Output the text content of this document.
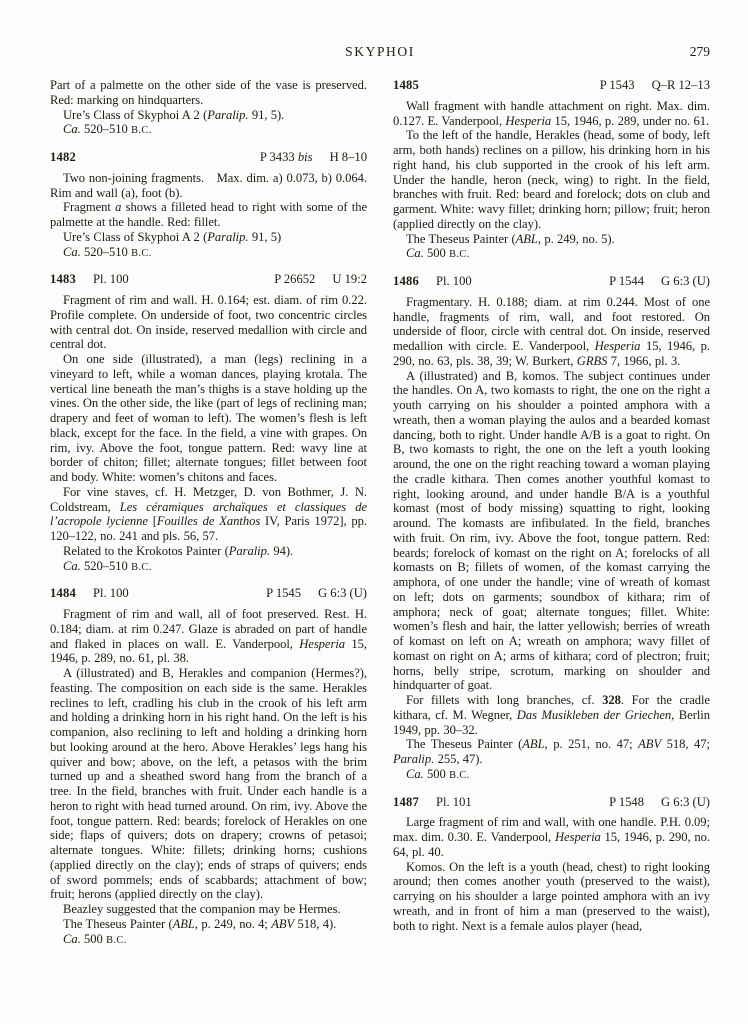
SKYPHOI	279

Part of a palmette on the other side of the vase is preserved. Red: marking on hindquarters.

Ure’s Class of Skyphoi A 2 (Paralip. 91, 5).

Ca. 520–510 B.C.

1482	P 3433 bis H 8–10

Two non-joining fragments. Max. dim. a) 0.073, b) 0.064. Rim and wall (a), foot (b).

Fragment a shows a filleted head to right with some of the palmette at the handle. Red: fillet.

Ure’s Class of Skyphoi A 2 (Paralip. 91, 5)

Ca. 520–510 B.C.

1483 Pl. 100	P 26652 U 19:2

Fragment of rim and wall. H. 0.164; est. diam. of rim 0.22. Profile complete. On underside of foot, two concentric circles with central dot. On inside, reserved medallion with circle and central dot.

On one side (illustrated), a man (legs) reclining in a vineyard to left, while a woman dances, playing krotala. The vertical line beneath the man’s thighs is a stave holding up the vines. On the other side, the like (part of legs of reclining man; drapery and feet of woman to left). The women’s flesh is left black, except for the face. In the field, a vine with grapes. On rim, ivy. Above the foot, tongue pattern. Red: wavy line at border of chiton; fillet; alternate tongues; fillet between foot and body. White: women’s chitons and faces.

For vine staves, cf. H. Metzger, D. von Bothmer, J. N. Coldstream, Les céramiques archaïques et classiques de l’acropole lycienne [Fouilles de Xanthos IV, Paris 1972], pp. 120–122, no. 241 and pls. 56, 57.

Related to the Krokotos Painter (Paralip. 94).

Ca. 520–510 B.C.

1484 Pl. 100	P 1545 G 6:3 (U)

Fragment of rim and wall, all of foot preserved. Rest. H. 0.184; diam. at rim 0.247. Glaze is abraded on part of handle and flaked in places on wall. E. Vanderpool, Hesperia 15, 1946, p. 289, no. 61, pl. 38.

A (illustrated) and B, Herakles and companion (Hermes?), feasting. The composition on each side is the same. Herakles reclines to left, cradling his club in the crook of his left arm and holding a drinking horn in his right hand. On the left is his companion, also reclining to left and holding a drinking horn but looking around at the hero. Above Herakles’ legs hang his quiver and bow; above, on the left, a petasos with the brim turned up and a sheathed sword hang from the branch of a tree. In the field, branches with fruit. Under each handle is a heron to right with head turned around. On rim, ivy. Above the foot, tongue pattern. Red: beards; forelock of Herakles on one side; flaps of quivers; dots on drapery; crowns of petasoi; alternate tongues. White: fillets; drinking horns; cushions (applied directly on the clay); ends of straps of quivers; ends of sword pommels; ends of scabbards; attachment of bow; fruit; herons (applied directly on the clay).

Beazley suggested that the companion may be Hermes.

The Theseus Painter (ABL, p. 249, no. 4; ABV 518, 4).

Ca. 500 B.C.

1485	P 1543 Q–R 12–13

Wall fragment with handle attachment on right. Max. dim. 0.127. E. Vanderpool, Hesperia 15, 1946, p. 289, under no. 61.

To the left of the handle, Herakles (head, some of body, left arm, both hands) reclines on a pillow, his drinking horn in his right hand, his club supported in the crook of his left arm. Under the handle, heron (neck, wing) to right. In the field, branches with fruit. Red: beard and forelock; dots on club and garment. White: wavy fillet; drinking horn; pillow; fruit; heron (applied directly on the clay).

The Theseus Painter (ABL, p. 249, no. 5).

Ca. 500 B.C.

1486 Pl. 100	P 1544 G 6:3 (U)

Fragmentary. H. 0.188; diam. at rim 0.244. Most of one handle, fragments of rim, wall, and foot restored. On underside of floor, circle with central dot. On inside, reserved medallion with circle. E. Vanderpool, Hesperia 15, 1946, p. 290, no. 63, pls. 38, 39; W. Burkert, GRBS 7, 1966, pl. 3.

A (illustrated) and B, komos. The subject continues under the handles. On A, two komasts to right, the one on the right a youth carrying on his shoulder a pointed amphora with a wreath, then a woman playing the aulos and a bearded komast dancing, both to right. Under handle A/B is a goat to right. On B, two komasts to right, the one on the left a youth looking around, the one on the right reaching toward a woman playing the cradle kithara. Then comes another youthful komast to right, looking around, and under handle B/A is a youthful komast (most of body missing) squatting to right, looking around. The komasts are infibulated. In the field, branches with fruit. On rim, ivy. Above the foot, tongue pattern. Red: beards; forelock of komast on the right on A; forelocks of all komasts on B; fillets of women, of the komast carrying the amphora, of one under the handle; vine of wreath of komast on left; dots on garments; soundbox of kithara; rim of amphora; neck of goat; alternate tongues; fillet. White: women’s flesh and hair, the latter yellowish; berries of wreath of komast on left on A; wreath on amphora; wavy fillet of komast on right on A; arms of kithara; cord of plectron; fruit; horns, belly stripe, scrotum, marking on shoulder and hindquarter of goat.

For fillets with long branches, cf. 328. For the cradle kithara, cf. M. Wegner, Das Musikleben der Griechen, Berlin 1949, pp. 30–32.

The Theseus Painter (ABL, p. 251, no. 47; ABV 518, 47; Paralip. 255, 47).

Ca. 500 B.C.

1487 Pl. 101	P 1548 G 6:3 (U)

Large fragment of rim and wall, with one handle. P.H. 0.09; max. dim. 0.30. E. Vanderpool, Hesperia 15, 1946, p. 290, no. 64, pl. 40.

Komos. On the left is a youth (head, chest) to right looking around; then comes another youth (preserved to the waist), carrying on his shoulder a large pointed amphora with an ivy wreath, and in front of him a man (preserved to the waist), both to right. Next is a female aulos player (head,
